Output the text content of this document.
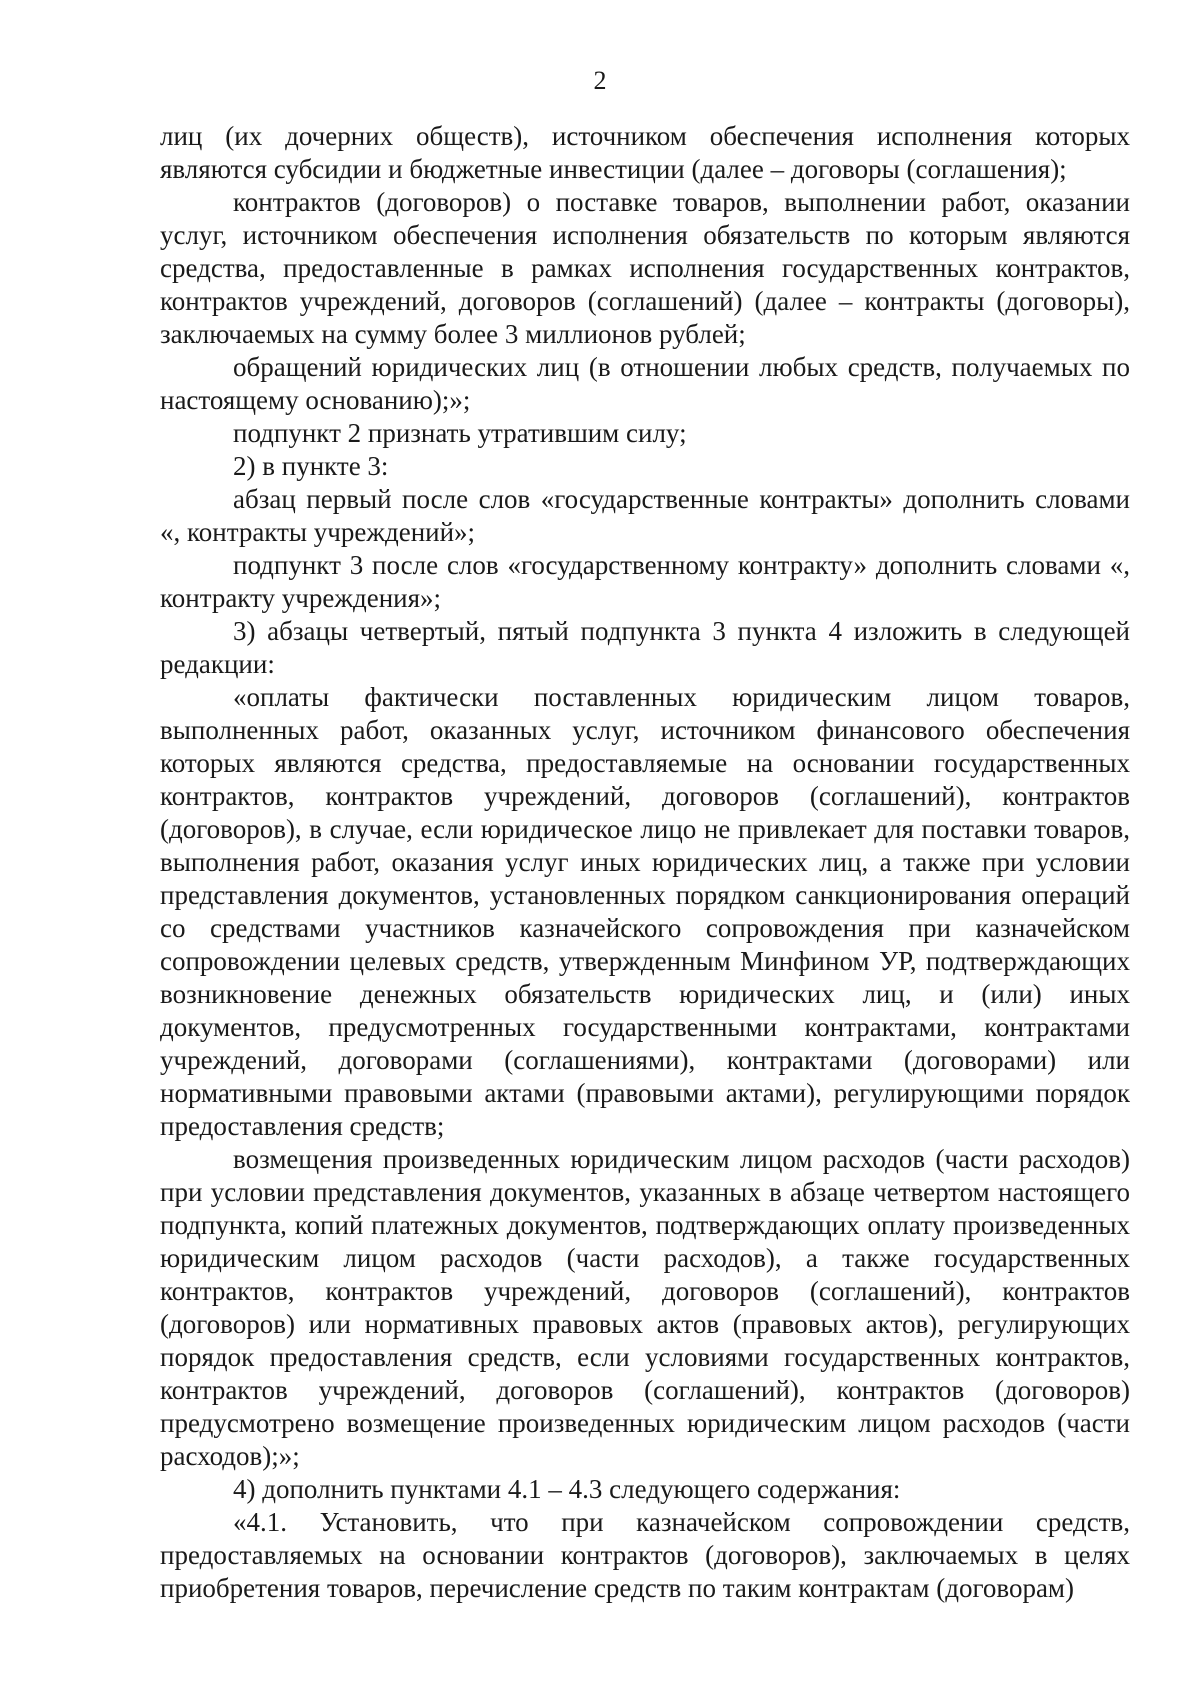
2

лиц (их дочерних обществ), источником обеспечения исполнения которых являются субсидии и бюджетные инвестиции (далее – договоры (соглашения);

контрактов (договоров) о поставке товаров, выполнении работ, оказании услуг, источником обеспечения исполнения обязательств по которым являются средства, предоставленные в рамках исполнения государственных контрактов, контрактов учреждений, договоров (соглашений) (далее – контракты (договоры), заключаемых на сумму более 3 миллионов рублей;

обращений юридических лиц (в отношении любых средств, получаемых по настоящему основанию);»;

подпункт 2 признать утратившим силу;

2) в пункте 3:

абзац первый после слов «государственные контракты» дополнить словами «, контракты учреждений»;

подпункт 3 после слов «государственному контракту» дополнить словами «, контракту учреждения»;

3) абзацы четвертый, пятый подпункта 3 пункта 4 изложить в следующей редакции:

«оплаты фактически поставленных юридическим лицом товаров, выполненных работ, оказанных услуг, источником финансового обеспечения которых являются средства, предоставляемые на основании государственных контрактов, контрактов учреждений, договоров (соглашений), контрактов (договоров), в случае, если юридическое лицо не привлекает для поставки товаров, выполнения работ, оказания услуг иных юридических лиц, а также при условии представления документов, установленных порядком санкционирования операций со средствами участников казначейского сопровождения при казначейском сопровождении целевых средств, утвержденным Минфином УР, подтверждающих возникновение денежных обязательств юридических лиц, и (или) иных документов, предусмотренных государственными контрактами, контрактами учреждений, договорами (соглашениями), контрактами (договорами) или нормативными правовыми актами (правовыми актами), регулирующими порядок предоставления средств;

возмещения произведенных юридическим лицом расходов (части расходов) при условии представления документов, указанных в абзаце четвертом настоящего подпункта, копий платежных документов, подтверждающих оплату произведенных юридическим лицом расходов (части расходов), а также государственных контрактов, контрактов учреждений, договоров (соглашений), контрактов (договоров) или нормативных правовых актов (правовых актов), регулирующих порядок предоставления средств, если условиями государственных контрактов, контрактов учреждений, договоров (соглашений), контрактов (договоров) предусмотрено возмещение произведенных юридическим лицом расходов (части расходов);»;

4) дополнить пунктами 4.1 – 4.3 следующего содержания:

«4.1. Установить, что при казначейском сопровождении средств, предоставляемых на основании контрактов (договоров), заключаемых в целях приобретения товаров, перечисление средств по таким контрактам (договорам)
